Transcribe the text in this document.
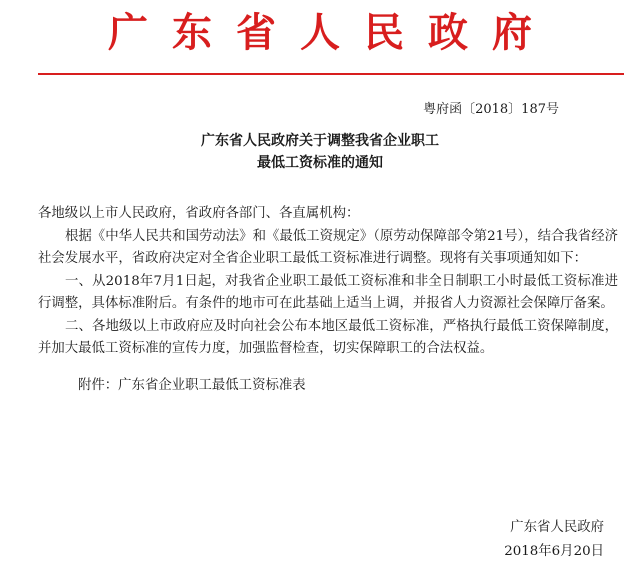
广东省人民政府
粤府函〔2018〕187号
广东省人民政府关于调整我省企业职工
最低工资标准的通知

各地级以上市人民政府，省政府各部门、各直属机构：

根据《中华人民共和国劳动法》和《最低工资规定》（原劳动保障部令第21号），结合我省经济社会发展水平，省政府决定对全省企业职工最低工资标准进行调整。现将有关事项通知如下：

一、从2018年7月1日起，对我省企业职工最低工资标准和非全日制职工小时最低工资标准进行调整，具体标准附后。有条件的地市可在此基础上适当上调，并报省人力资源社会保障厅备案。

二、各地级以上市政府应及时向社会公布本地区最低工资标准，严格执行最低工资保障制度，并加大最低工资标准的宣传力度，加强监督检查，切实保障职工的合法权益。

附件：广东省企业职工最低工资标准表

广东省人民政府
2018年6月20日
